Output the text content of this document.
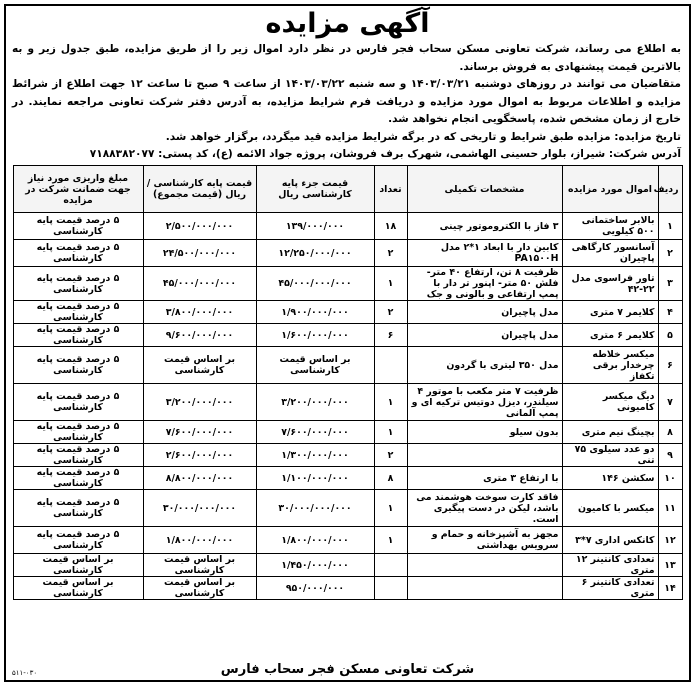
آگهی مزایده

به اطلاع می رساند، شرکت تعاونی مسکن سحاب فجر فارس در نظر دارد اموال زیر را از طریق مزایده، طبق جدول زیر و به بالاترین قیمت پیشنهادی به فروش برساند.

متقاضیان می توانند در روزهای دوشنبه ۱۴۰۳/۰۳/۲۱ و سه شنبه ۱۴۰۳/۰۳/۲۲ از ساعت ۹ صبح تا ساعت ۱۲ جهت اطلاع از شرائط مزایده و اطلاعات مربوط به اموال مورد مزایده و دریافت فرم شرایط مزایده، به آدرس دفتر شرکت تعاونی مراجعه نمایند. در خارج از زمان مشخص شده، پاسخگویی انجام نخواهد شد.

تاریخ مزایده: مزایده طبق شرایط و تاریخی که در برگه شرایط مزایده قید میگردد، برگزار خواهد شد.

آدرس شرکت: شیراز، بلوار حسینی الهاشمی، شهرک برف فروشان، پروژه جواد الائمه (ع)، کد پستی: ۷۱۸۸۳۸۲۰۷۷
ردیف	اموال مورد مزایده	مشخصات تکمیلی	تعداد	قیمت جزء پایه کارشناسی ریال	قیمت پایه کارشناسی / ریال (قیمت مجموع)	مبلغ واریزی مورد نیاز جهت ضمانت شرکت در مزایده
۱	بالابر ساختمانی ۵۰۰ کیلویی	۳ فاز با الکتروموتور چینی	۱۸	۱۳۹/۰۰۰/۰۰۰	۲/۵۰۰/۰۰۰/۰۰۰	۵ درصد قیمت پایه کارشناسی
۲	آسانسور کارگاهی پاچیران	کابین دار با ابعاد ۱*۲ مدل PA۱۵۰۰H	۲	۱۲/۲۵۰/۰۰۰/۰۰۰	۲۴/۵۰۰/۰۰۰/۰۰۰	۵ درصد قیمت پایه کارشناسی
۳	تاور فراسوی مدل ۲۲-۴۲	ظرفیت ۸ تن، ارتفاع ۴۰ متر- فلش ۵۰ متر- اپنور تر دار با پمپ ارتفاعی و بالونی و جک	۱	۴۵/۰۰۰/۰۰۰/۰۰۰	۴۵/۰۰۰/۰۰۰/۰۰۰	۵ درصد قیمت پایه کارشناسی
۴	کلایمر ۷ متری	مدل پاچیران	۲	۱/۹۰۰/۰۰۰/۰۰۰	۳/۸۰۰/۰۰۰/۰۰۰	۵ درصد قیمت پایه کارشناسی
۵	کلایمر ۶ متری	مدل پاچیران	۶	۱/۶۰۰/۰۰۰/۰۰۰	۹/۶۰۰/۰۰۰/۰۰۰	۵ درصد قیمت پایه کارشناسی
۶	میکسر خلاطه چرخدار برقی تکفاز	مدل ۳۵۰ لیتری با گردون		بر اساس قیمت کارشناسی	بر اساس قیمت کارشناسی	۵ درصد قیمت پایه کارشناسی
۷	دیگ میکسر کامیونی	ظرفیت ۷ متر مکعب با موتور ۴ سیلندر، دیزل دوتیس ترکیه ای و پمپ آلمانی	۱	۳/۲۰۰/۰۰۰/۰۰۰	۳/۲۰۰/۰۰۰/۰۰۰	۵ درصد قیمت پایه کارشناسی
۸	بچینگ نیم متری	بدون سیلو	۱	۷/۶۰۰/۰۰۰/۰۰۰	۷/۶۰۰/۰۰۰/۰۰۰	۵ درصد قیمت پایه کارشناسی
۹	دو عدد سیلوی ۷۵ تنی		۲	۱/۳۰۰/۰۰۰/۰۰۰	۲/۶۰۰/۰۰۰/۰۰۰	۵ درصد قیمت پایه کارشناسی
۱۰	سکشن ۱۴۶	با ارتفاع ۳ متری	۸	۱/۱۰۰/۰۰۰/۰۰۰	۸/۸۰۰/۰۰۰/۰۰۰	۵ درصد قیمت پایه کارشناسی
۱۱	میکسر با کامیون	فاقد کارت سوخت هوشمند می باشد، لیکن در دست پیگیری است.	۱	۳۰/۰۰۰/۰۰۰/۰۰۰	۳۰/۰۰۰/۰۰۰/۰۰۰	۵ درصد قیمت پایه کارشناسی
۱۲	کانکس اداری ۷*۳	مجهز به آشپزخانه و حمام و سرویس بهداشتی	۱	۱/۸۰۰/۰۰۰/۰۰۰	۱/۸۰۰/۰۰۰/۰۰۰	۵ درصد قیمت پایه کارشناسی
۱۳	تعدادی کانتینر ۱۲ متری			۱/۴۵۰/۰۰۰/۰۰۰	بر اساس قیمت کارشناسی	بر اساس قیمت کارشناسی
۱۴	تعدادی کانتینر ۶ متری			۹۵۰/۰۰۰/۰۰۰	بر اساس قیمت کارشناسی	بر اساس قیمت کارشناسی
شرکت تعاونی مسکن فجر سحاب فارس
۵۱۱-۰۳۰
